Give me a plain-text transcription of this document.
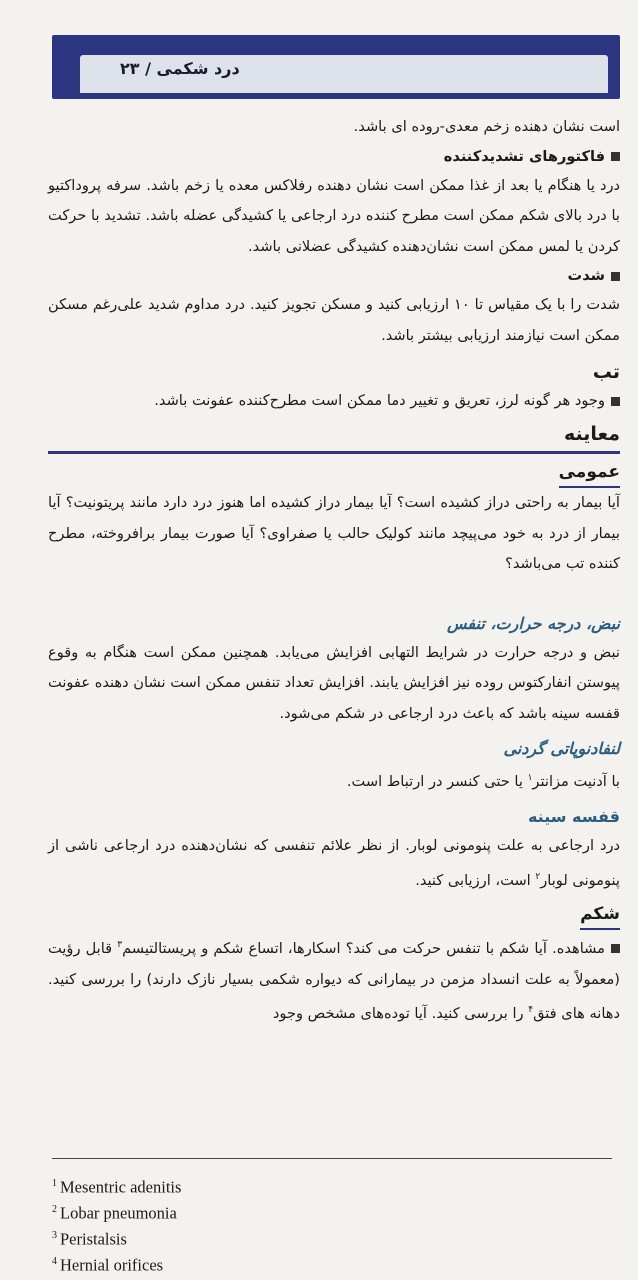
درد شکمی / ۲۳

است نشان دهنده زخم معدی-روده ای باشد.

فاکتورهای تشدیدکننده

درد یا هنگام یا بعد از غذا ممکن است نشان دهنده رفلاکس معده یا زخم باشد. سرفه پروداکتیو با درد بالای شکم ممکن است مطرح کننده درد ارجاعی یا کشیدگی عضله باشد. تشدید با حرکت کردن یا لمس ممکن است نشان‌دهنده کشیدگی عضلانی باشد.

شدت

شدت را با یک مقیاس تا ۱۰ ارزیابی کنید و مسکن تجویز کنید. درد مداوم شدید علی‌رغم مسکن ممکن است نیازمند ارزیابی بیشتر باشد.

تب
وجود هر گونه لرز، تعریق و تغییر دما ممکن است مطرح‌کننده عفونت باشد.
معاینه
عمومی

آیا بیمار به راحتی دراز کشیده است؟ آیا بیمار دراز کشیده اما هنوز درد دارد مانند پریتونیت؟ آیا بیمار از درد به خود می‌پیچد مانند کولیک حالب یا صفراوی؟ آیا صورت بیمار برافروخته، مطرح کننده تب می‌باشد؟

نبض، درجه حرارت، تنفس

نبض و درجه حرارت در شرایط التهابی افزایش می‌یابد. همچنین ممکن است هنگام به وقوع پیوستن انفارکتوس روده نیز افزایش یابند. افزایش تعداد تنفس ممکن است نشان دهنده عفونت قفسه سینه باشد که باعث درد ارجاعی در شکم می‌شود.

لنفادنوپاتی گردنی

با آدنیت مزانتر$^۱$ یا حتی کنسر در ارتباط است.

قفسه سینه

درد ارجاعی به علت پنومونی لوبار. از نظر علائم تنفسی که نشان‌دهنده درد ارجاعی ناشی از پنومونی لوبار$^۲$ است، ارزیابی کنید.

شکم

مشاهده. آیا شکم با تنفس حرکت می کند؟ اسکارها، اتساع شکم و پریستالتیسم$^۳$ قابل رؤیت (معمولاً به علت انسداد مزمن در بیمارانی که دیواره شکمی بسیار نازک دارند) را بررسی کنید. دهانه های فتق$^۴$ را بررسی کنید. آیا توده‌های مشخص وجود

$^1$ Mesentric adenitis
$^2$ Lobar pneumonia
$^3$ Peristalsis
$^4$ Hernial orifices
